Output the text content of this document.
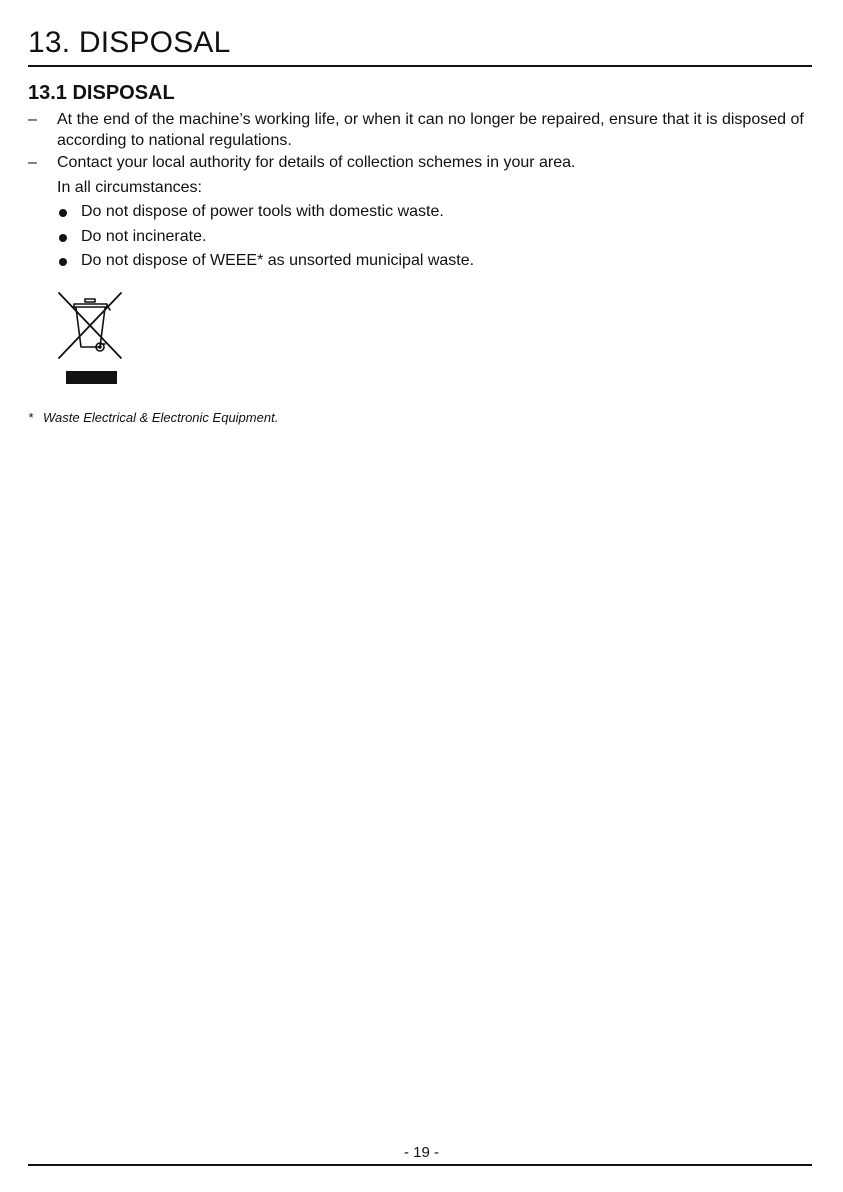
13. DISPOSAL
13.1 DISPOSAL
–	At the end of the machine’s working life, or when it can no longer be repaired, ensure that it is disposed of according to national regulations.
–	Contact your local authority for details of collection schemes in your area.
In all circumstances:
Do not dispose of power tools with domestic waste.
Do not incinerate.
Do not dispose of WEEE* as unsorted municipal waste.
* Waste Electrical & Electronic Equipment.
- 19 -
